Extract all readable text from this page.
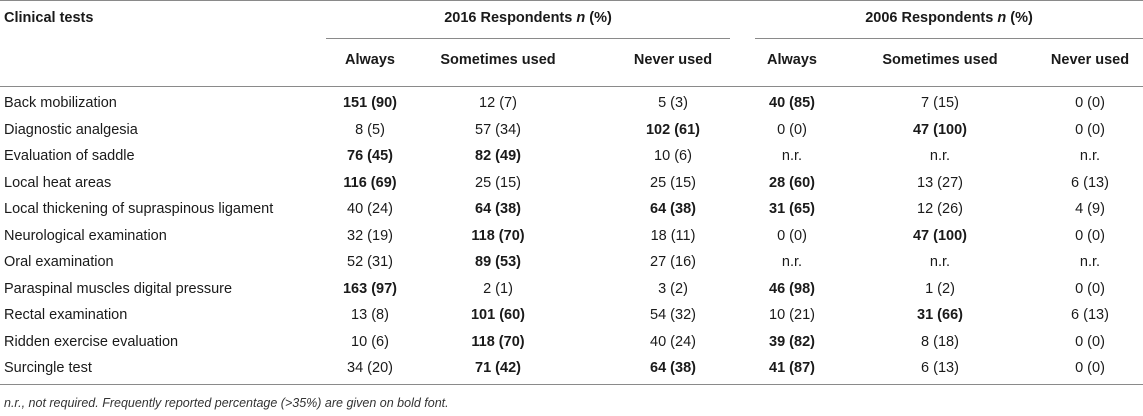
Clinical tests	2016 Respondents n (%)	2006 Respondents n (%)
Always	Sometimes used	Never used	Always	Sometimes used	Never used
Back mobilization	151 (90)	12 (7)	5 (3)	40 (85)	7 (15)	0 (0)
Diagnostic analgesia	8 (5)	57 (34)	102 (61)	0 (0)	47 (100)	0 (0)
Evaluation of saddle	76 (45)	82 (49)	10 (6)	n.r.	n.r.	n.r.
Local heat areas	116 (69)	25 (15)	25 (15)	28 (60)	13 (27)	6 (13)
Local thickening of supraspinous ligament	40 (24)	64 (38)	64 (38)	31 (65)	12 (26)	4 (9)
Neurological examination	32 (19)	118 (70)	18 (11)	0 (0)	47 (100)	0 (0)
Oral examination	52 (31)	89 (53)	27 (16)	n.r.	n.r.	n.r.
Paraspinal muscles digital pressure	163 (97)	2 (1)	3 (2)	46 (98)	1 (2)	0 (0)
Rectal examination	13 (8)	101 (60)	54 (32)	10 (21)	31 (66)	6 (13)
Ridden exercise evaluation	10 (6)	118 (70)	40 (24)	39 (82)	8 (18)	0 (0)
Surcingle test	34 (20)	71 (42)	64 (38)	41 (87)	6 (13)	0 (0)
n.r., not required. Frequently reported percentage (>35%) are given on bold font.
